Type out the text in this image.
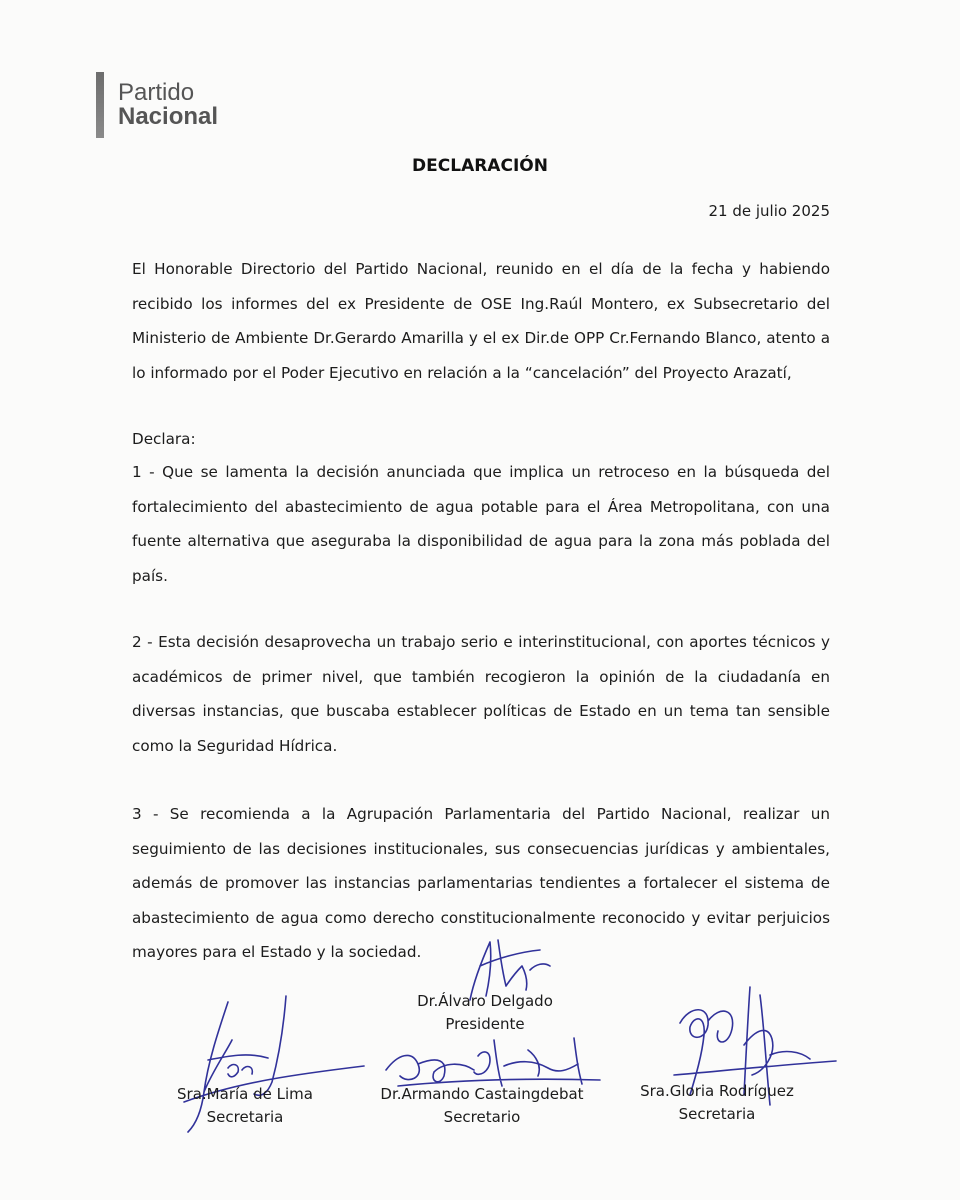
Partido
Nacional
DECLARACIÓN
21 de julio 2025

El Honorable Directorio del Partido Nacional, reunido en el día de la fecha y habiendo recibido los informes del ex Presidente de OSE Ing.Raúl Montero, ex Subsecretario del Ministerio de Ambiente Dr.Gerardo Amarilla y el ex Dir.de OPP Cr.Fernando Blanco, atento a lo informado por el Poder Ejecutivo en relación a la “cancelación” del Proyecto Arazatí,

Declara:

1 - Que se lamenta la decisión anunciada que implica un retroceso en la búsqueda del fortalecimiento del abastecimiento de agua potable para el Área Metropolitana, con una fuente alternativa que aseguraba la disponibilidad de agua para la zona más poblada del país.

2 - Esta decisión desaprovecha un trabajo serio e interinstitucional, con aportes técnicos y académicos de primer nivel, que también recogieron la opinión de la ciudadanía en diversas instancias, que buscaba establecer políticas de Estado en un tema tan sensible como la Seguridad Hídrica.

3 - Se recomienda a la Agrupación Parlamentaria del Partido Nacional, realizar un seguimiento de las decisiones institucionales, sus consecuencias jurídicas y ambientales, además de promover las instancias parlamentarias tendientes a fortalecer el sistema de abastecimiento de agua como derecho constitucionalmente reconocido y evitar perjuicios mayores para el Estado y la sociedad.

Dr.Álvaro Delgado
Presidente
Sra.María de Lima
Secretaria
Dr.Armando Castaingdebat
Secretario
Sra.Gloria Rodríguez
Secretaria
